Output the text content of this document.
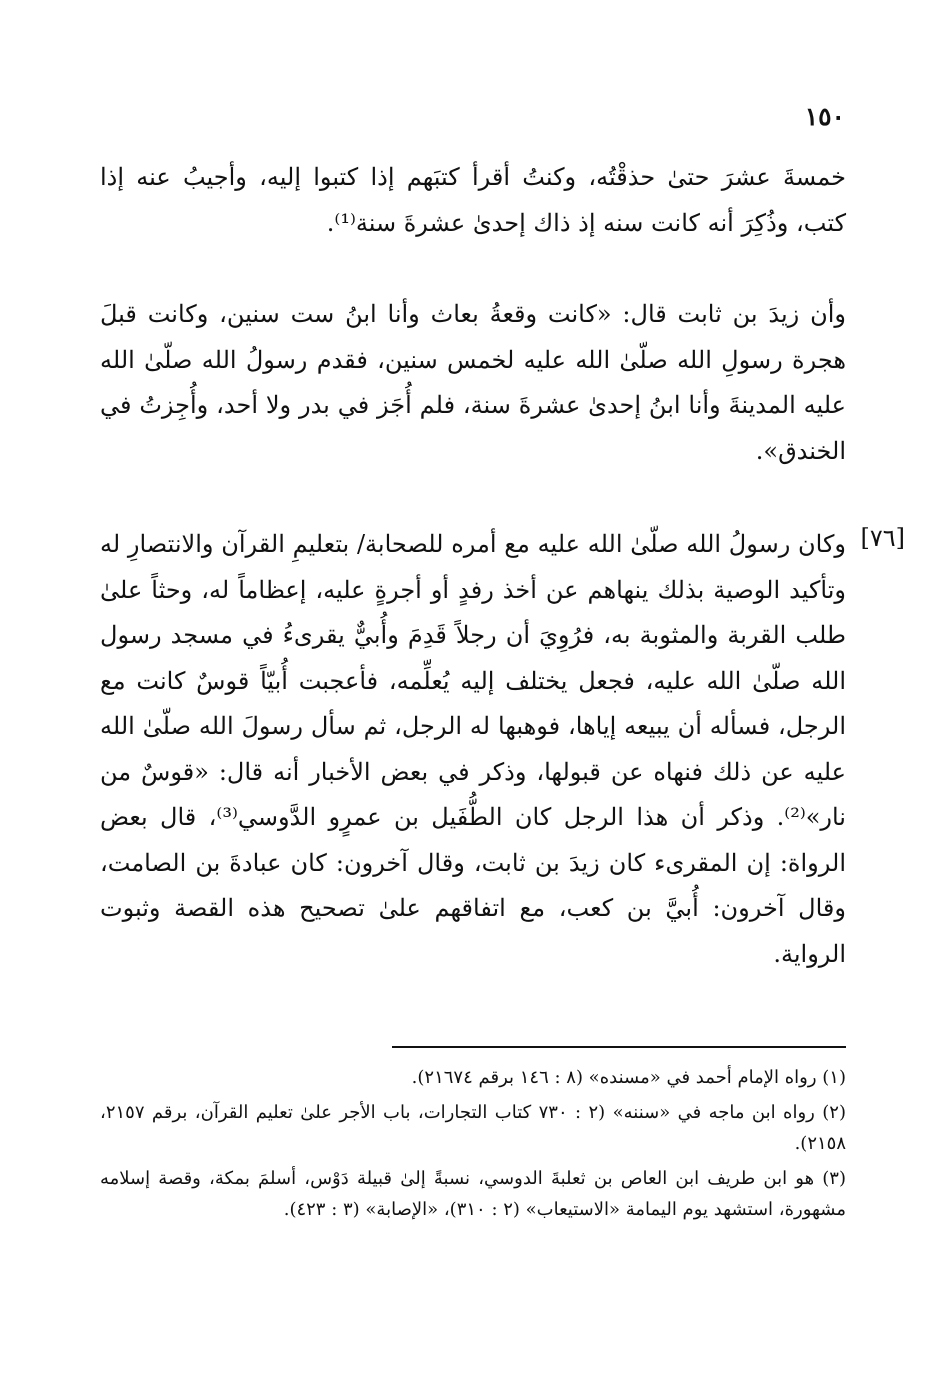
١٥٠
خمسةَ عشرَ حتىٰ حذقْتُه، وكنتُ أقرأ كتبَهم إذا كتبوا إليه، وأجيبُ عنه إذا كتب، وذُكِرَ أنه كانت سنه إذ ذاك إحدىٰ عشرةَ سنة⁽¹⁾.
وأن زيدَ بن ثابت قال: «كانت وقعةُ بعاث وأنا ابنُ ست سنين، وكانت قبلَ هجرة رسولِ الله صلّىٰ الله عليه لخمس سنين، فقدم رسولُ الله صلّىٰ الله عليه المدينةَ وأنا ابنُ إحدىٰ عشرةَ سنة، فلم أُجَز في بدر ولا أحد، وأُجِزتُ في الخندق».
[٧٦]
وكان رسولُ الله صلّىٰ الله عليه مع أمره للصحابة/ بتعليمِ القرآن والانتصارِ له وتأكيد الوصية بذلك ينهاهم عن أخذ رفدٍ أو أجرةٍ عليه، إعظاماً له، وحثاً علىٰ طلب القربة والمثوبة به، فرُوِيَ أن رجلاً قَدِمَ وأُبيٌّ يقرىءُ في مسجد رسول الله صلّىٰ الله عليه، فجعل يختلف إليه يُعلِّمه، فأعجبت أُبيّاً قوسٌ كانت مع الرجل، فسأله أن يبيعه إياها، فوهبها له الرجل، ثم سأل رسولَ الله صلّىٰ الله عليه عن ذلك فنهاه عن قبولها، وذكر في بعض الأخبار أنه قال: «قوسٌ من نار»⁽²⁾. وذكر أن هذا الرجل كان الطُّفَيل بن عمرٍو الدَّوسي⁽³⁾، قال بعض الرواة: إن المقرىء كان زيدَ بن ثابت، وقال آخرون: كان عبادةَ بن الصامت، وقال آخرون: أُبيَّ بن كعب، مع اتفاقهم علىٰ تصحيح هذه القصة وثبوت الرواية.

(١) رواه الإمام أحمد في «مسنده» (٨ : ١٤٦ برقم ٢١٦٧٤).

(٢) رواه ابن ماجه في «سننه» (٢ : ٧٣٠ كتاب التجارات، باب الأجر علىٰ تعليم القرآن، برقم ٢١٥٧، ٢١٥٨).

(٣) هو ابن طريف ابن العاص بن ثعلبةَ الدوسي، نسبةً إلىٰ قبيلة دَوْس، أسلمَ بمكة، وقصة إسلامه مشهورة، استشهد يوم اليمامة «الاستيعاب» (٢ : ٣١٠)، «الإصابة» (٣ : ٤٢٣).
